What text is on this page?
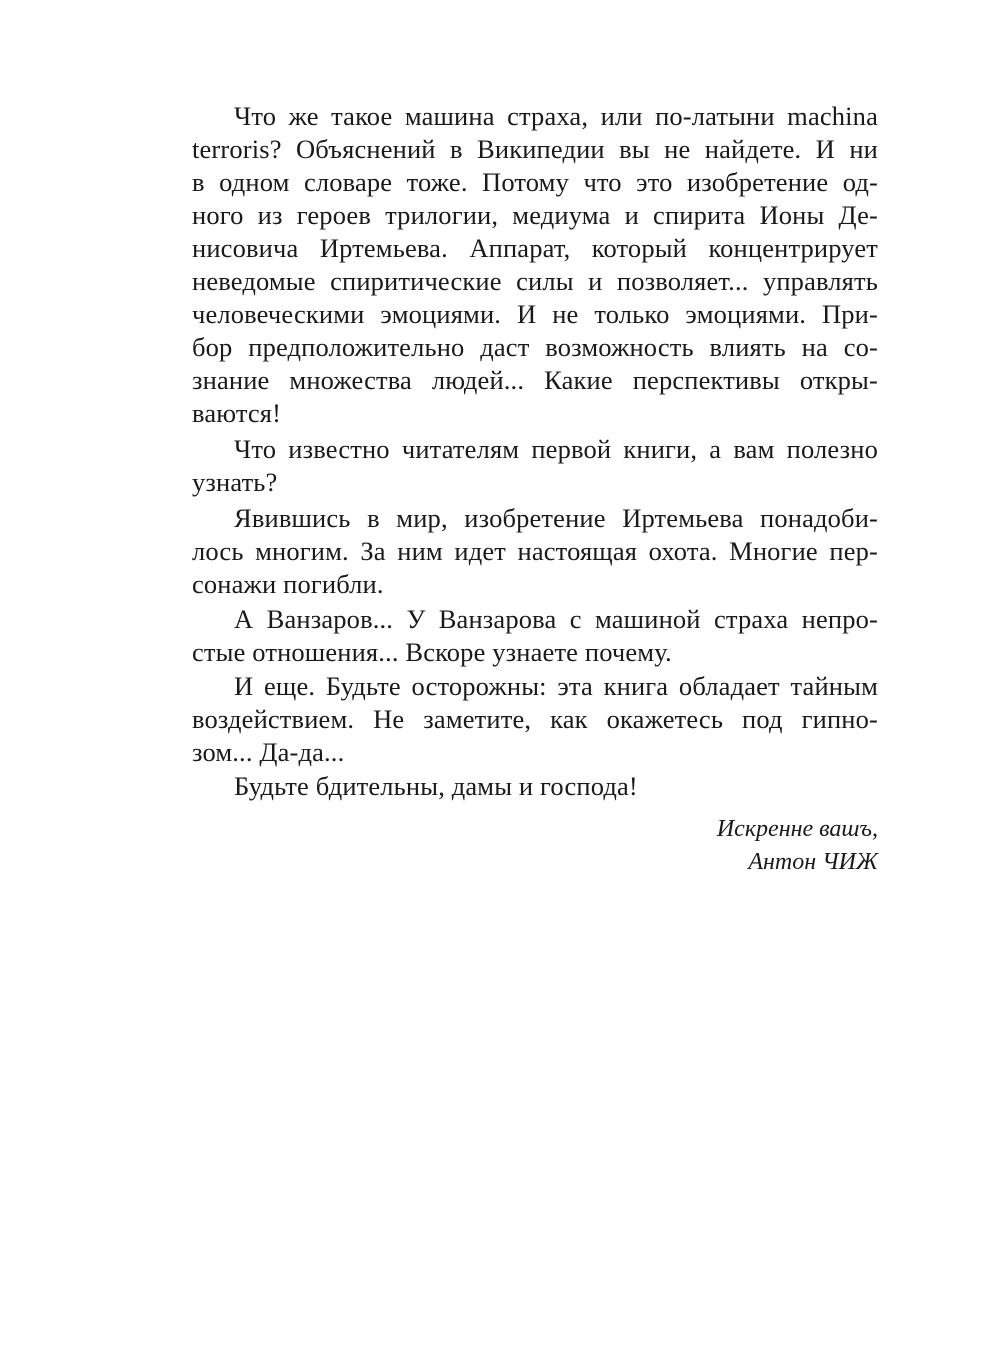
Что же такое машина страха, или по-латыни machina
terroris? Объяснений в Википедии вы не найдете. И ни
в одном словаре тоже. Потому что это изобретение од-
ного из героев трилогии, медиума и спирита Ионы Де-
нисовича Иртемьева. Аппарат, который концентрирует
неведомые спиритические силы и позволяет... управлять
человеческими эмоциями. И не только эмоциями. При-
бор предположительно даст возможность влиять на со-
знание множества людей... Какие перспективы откры-
ваются!
Что известно читателям первой книги, а вам полезно
узнать?
Явившись в мир, изобретение Иртемьева понадоби-
лось многим. За ним идет настоящая охота. Многие пер-
сонажи погибли.
А Ванзаров... У Ванзарова с машиной страха непро-
стые отношения... Вскоре узнаете почему.
И еще. Будьте осторожны: эта книга обладает тайным
воздействием. Не заметите, как окажетесь под гипно-
зом... Да-да...
Будьте бдительны, дамы и господа!
Искренне вашъ,
Антон ЧИЖ
